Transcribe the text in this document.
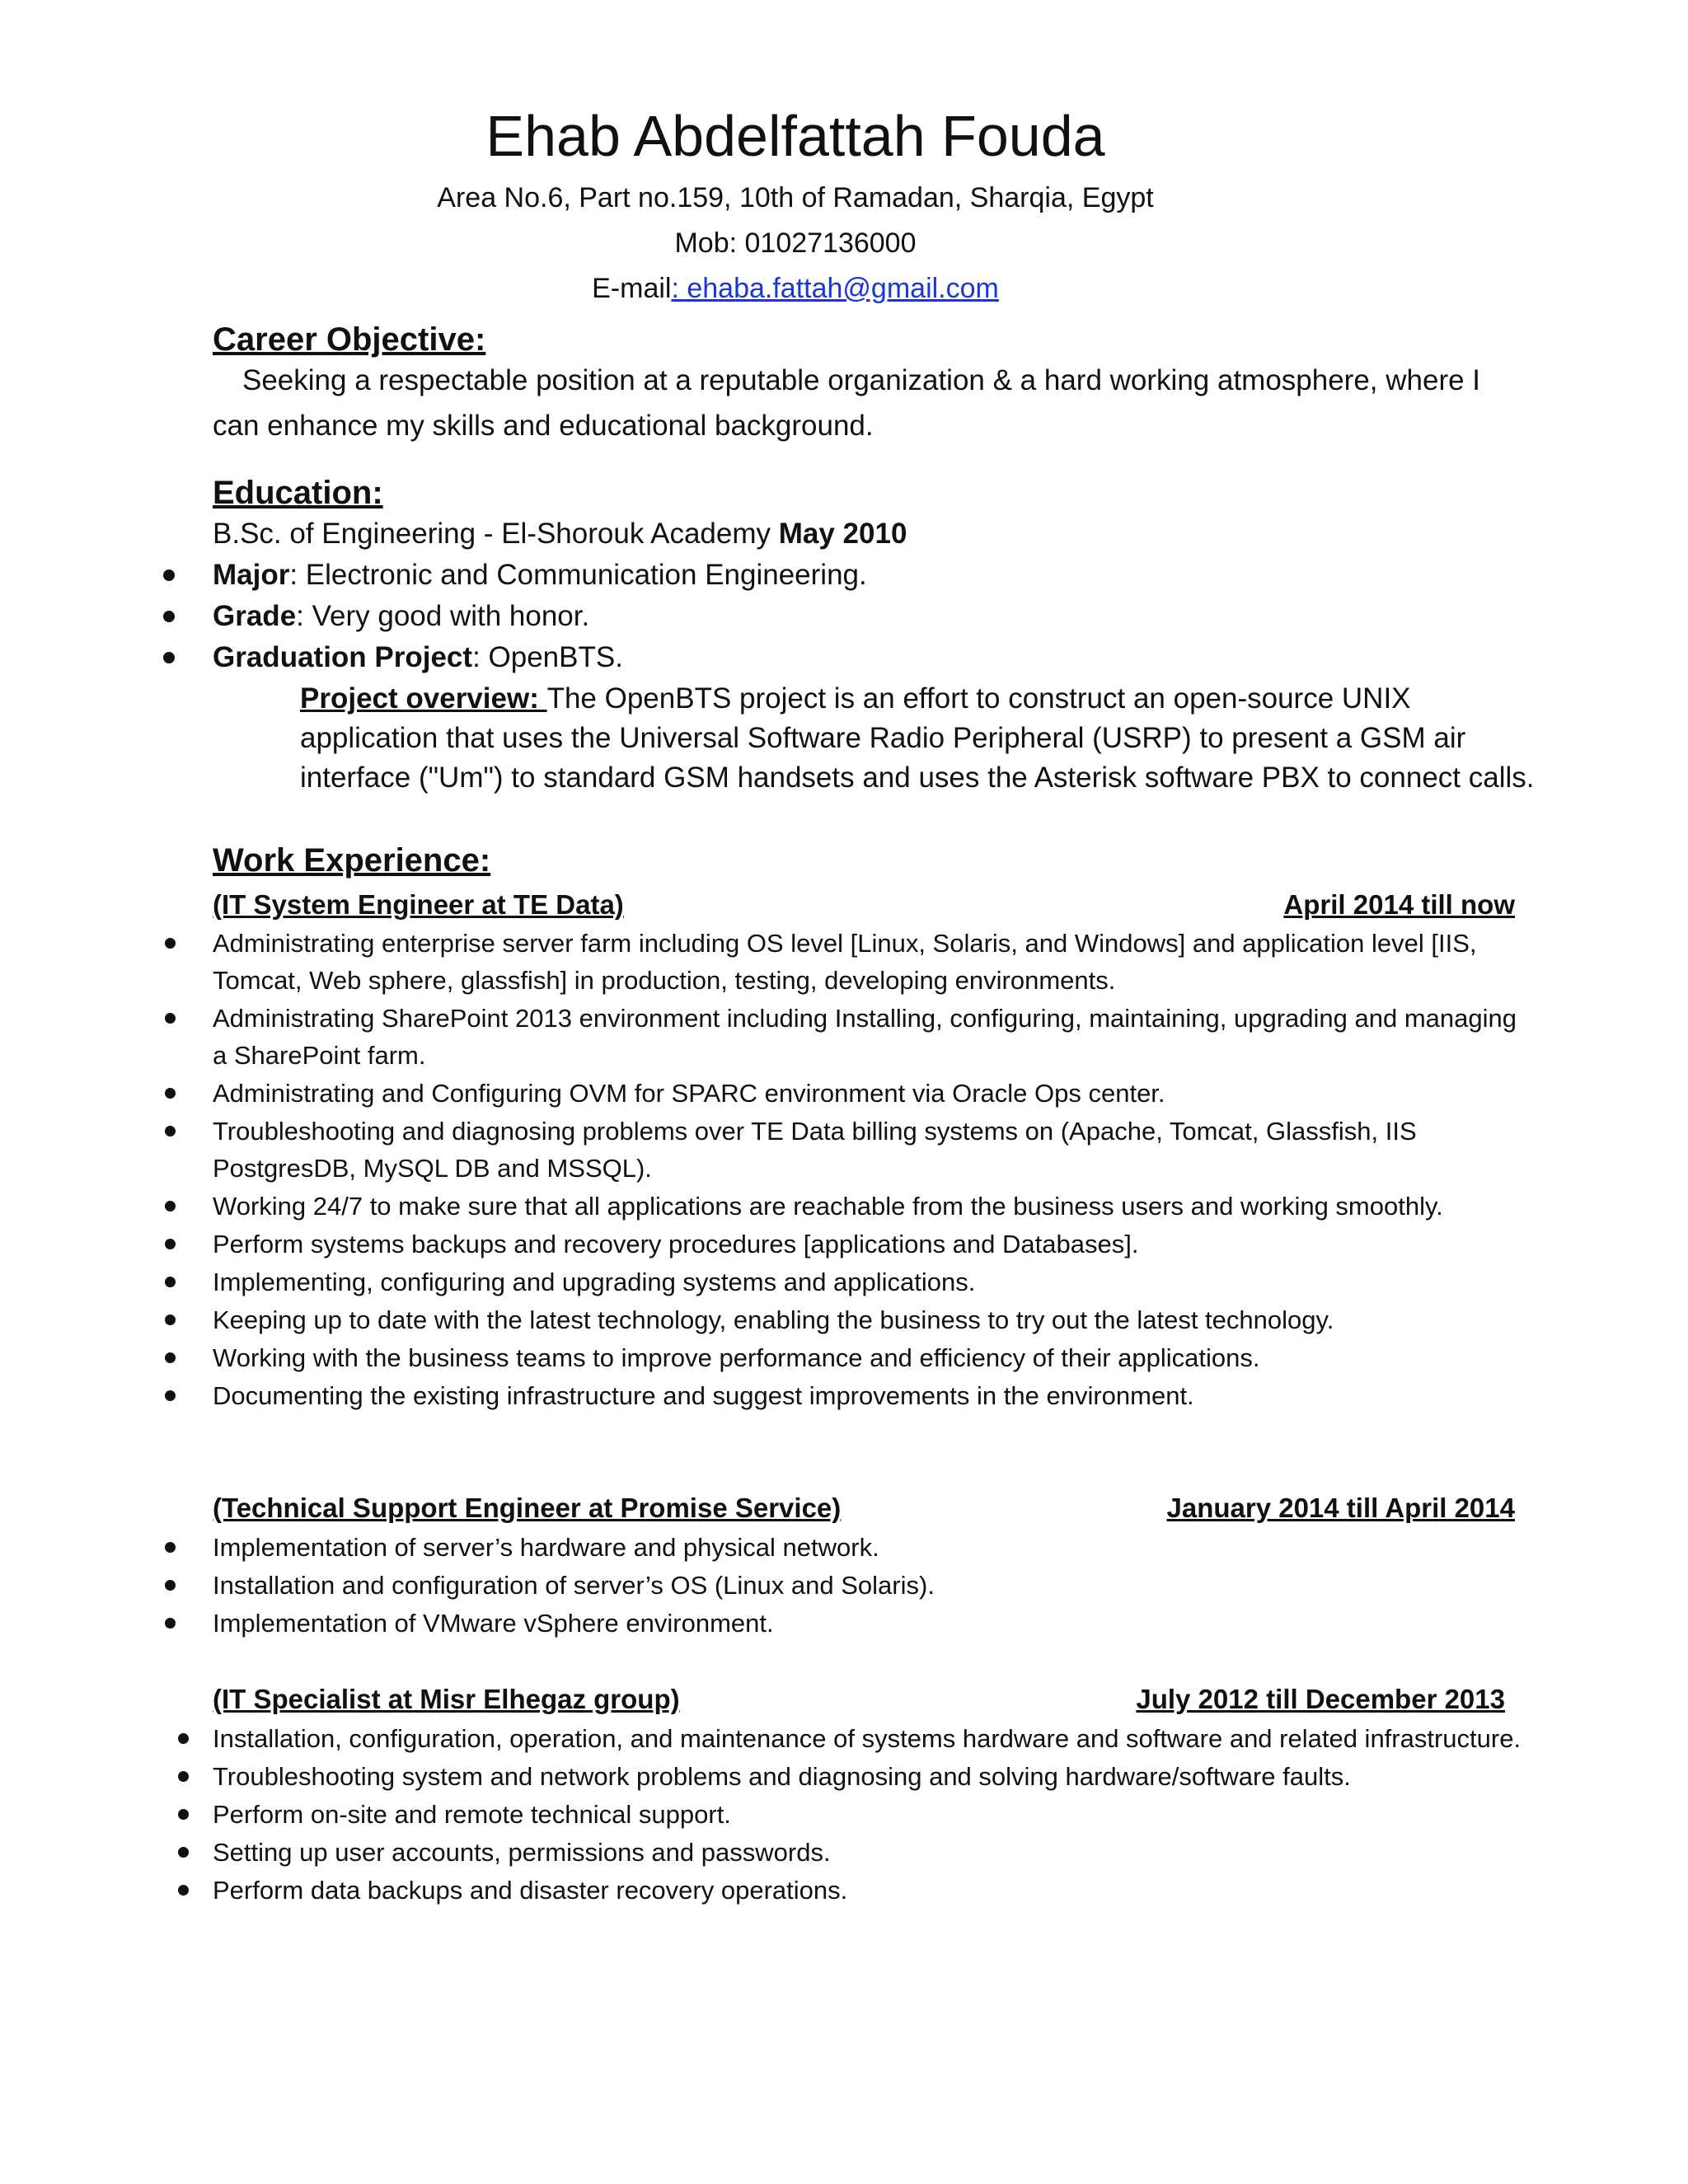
Ehab Abdelfattah Fouda
Area No.6, Part no.159, 10th of Ramadan, Sharqia, Egypt
Mob: 01027136000
E-mail: ehaba.fattah@gmail.com
Career Objective:
Seeking a respectable position at a reputable organization & a hard working atmosphere, where I can enhance my skills and educational background.
Education:
B.Sc. of Engineering - El-Shorouk Academy May 2010
Major: Electronic and Communication Engineering.
Grade: Very good with honor.
Graduation Project: OpenBTS.
Project overview: The OpenBTS project is an effort to construct an open-source UNIX application that uses the Universal Software Radio Peripheral (USRP) to present a GSM air interface ("Um") to standard GSM handsets and uses the Asterisk software PBX to connect calls.
Work Experience:
(IT System Engineer at TE Data)	April 2014 till now
Administrating enterprise server farm including OS level [Linux, Solaris, and Windows] and application level [IIS, Tomcat, Web sphere, glassfish] in production, testing, developing environments.
Administrating SharePoint 2013 environment including Installing, configuring, maintaining, upgrading and managing a SharePoint farm.
Administrating and Configuring OVM for SPARC environment via Oracle Ops center.
Troubleshooting and diagnosing problems over TE Data billing systems on (Apache, Tomcat, Glassfish, IIS PostgresDB, MySQL DB and MSSQL).
Working 24/7 to make sure that all applications are reachable from the business users and working smoothly.
Perform systems backups and recovery procedures [applications and Databases].
Implementing, configuring and upgrading systems and applications.
Keeping up to date with the latest technology, enabling the business to try out the latest technology.
Working with the business teams to improve performance and efficiency of their applications.
Documenting the existing infrastructure and suggest improvements in the environment.
(Technical Support Engineer at Promise Service)	January 2014 till April 2014
Implementation of server’s hardware and physical network.
Installation and configuration of server’s OS (Linux and Solaris).
Implementation of VMware vSphere environment.
(IT Specialist at Misr Elhegaz group)	July 2012 till December 2013
Installation, configuration, operation, and maintenance of systems hardware and software and related infrastructure.
Troubleshooting system and network problems and diagnosing and solving hardware/software faults.
Perform on-site and remote technical support.
Setting up user accounts, permissions and passwords.
Perform data backups and disaster recovery operations.
